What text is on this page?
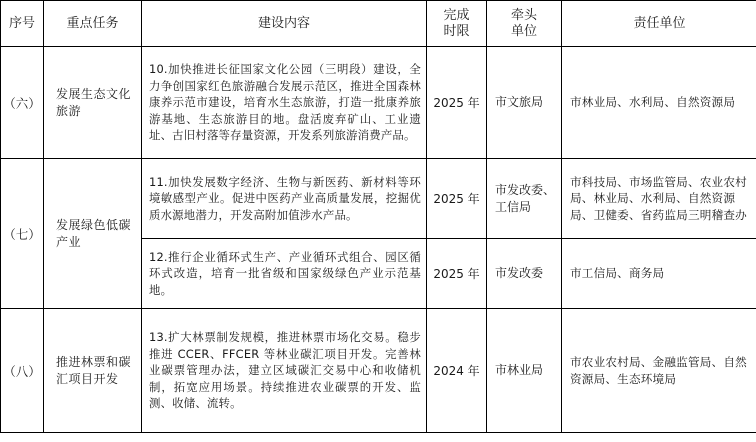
序号	重点任务	建设内容	完成时限	牵头单位	责任单位
（六）	发展生态文化旅游	10.加快推进长征国家文化公园（三明段）建设，全力争创国家红色旅游融合发展示范区，推进全国森林康养示范市建设，培育水生态旅游，打造一批康养旅游基地、生态旅游目的地。盘活废弃矿山、工业遗址、古旧村落等存量资源，开发系列旅游消费产品。	2025 年	市文旅局	市林业局、水利局、自然资源局
（七）	发展绿色低碳产业	11.加快发展数字经济、生物与新医药、新材料等环境敏感型产业。促进中医药产业高质量发展，挖掘优质水源地潜力，开发高附加值涉水产品。	2025 年	市发改委、工信局	市科技局、市场监管局、农业农村局、林业局、水利局、自然资源局、卫健委、省药监局三明稽查办
		12.推行企业循环式生产、产业循环式组合、园区循环式改造，培育一批省级和国家级绿色产业示范基地。	2025 年	市发改委	市工信局、商务局
（八）	推进林票和碳汇项目开发	13.扩大林票制发规模，推进林票市场化交易。稳步推进 CCER、FFCER 等林业碳汇项目开发。完善林业碳票管理办法，建立区域碳汇交易中心和收储机制，拓宽应用场景。持续推进农业碳票的开发、监测、收储、流转。	2024 年	市林业局	市农业农村局、金融监管局、自然资源局、生态环境局
